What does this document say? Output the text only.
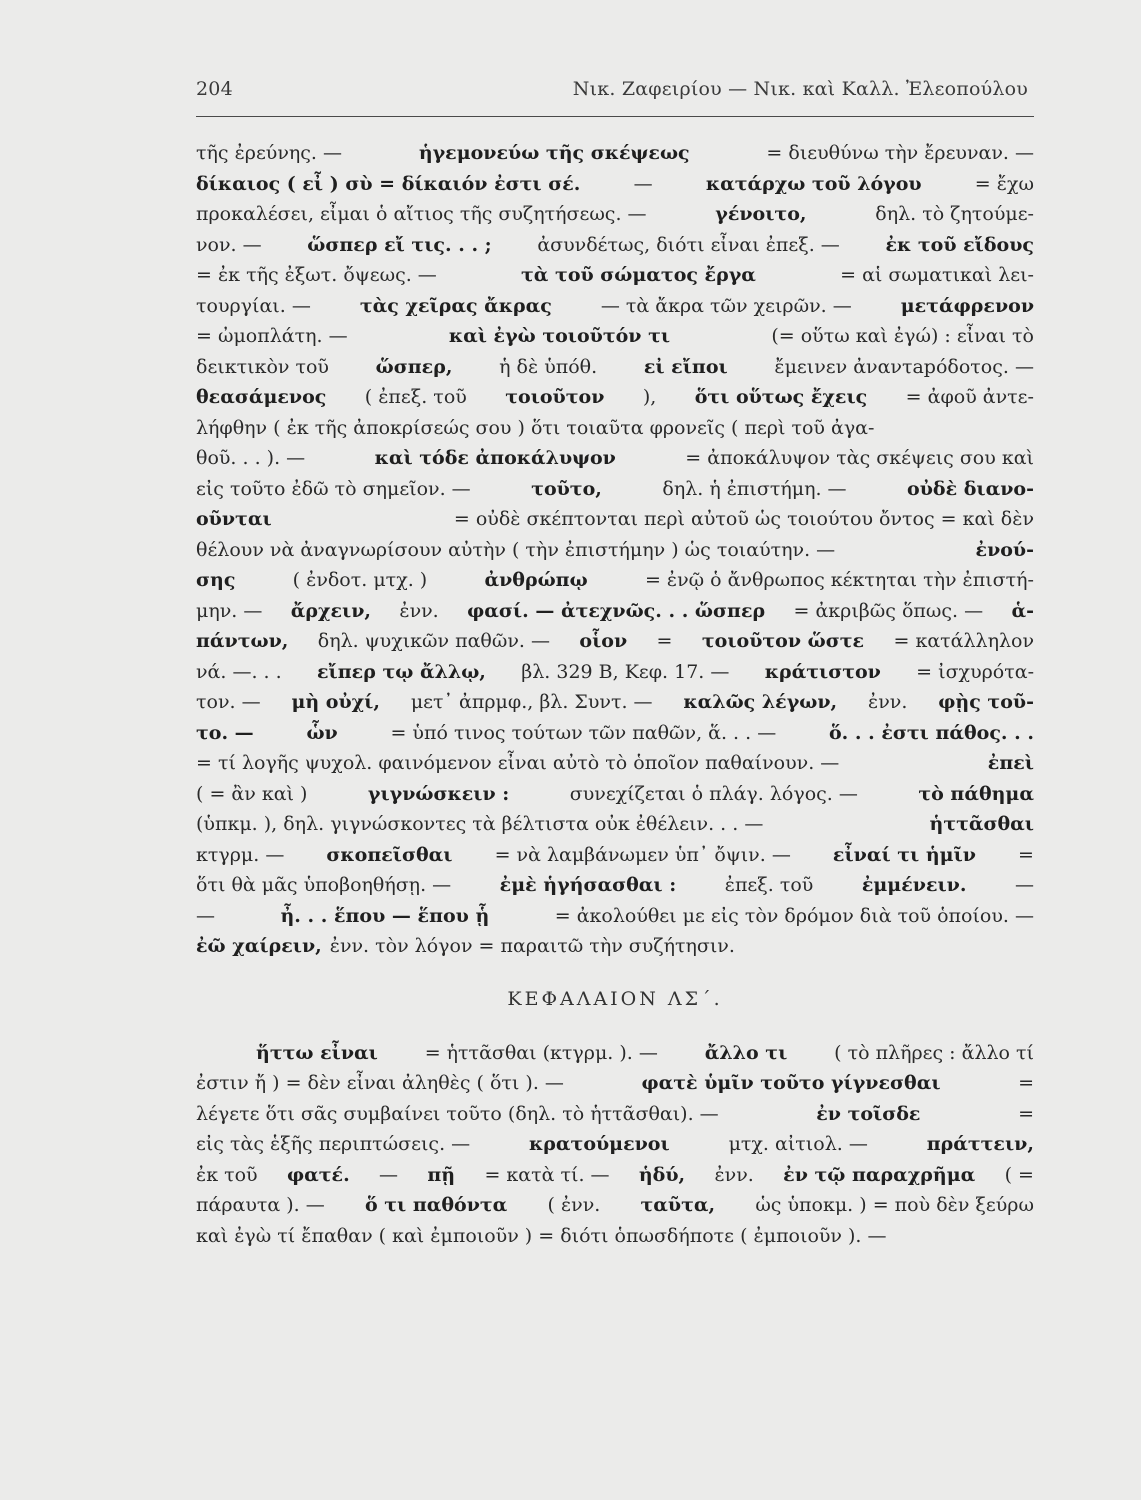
204	Νικ. Ζαφειρίου — Νικ. καὶ Καλλ. Ἐλεοπούλου
τῆς ἐρεύνης. —	ἡγεμονεύω τῆς σκέψεως	= διευθύνω τὴν ἔρευναν. —
δίκαιος ( εἶ ) σὺ = δίκαιόν ἐστι σέ.	—	κατάρχω τοῦ λόγου	= ἔχω
προκαλέσει, εἶμαι ὁ αἴτιος τῆς συζητήσεως. —	γένοιτο,	δηλ. τὸ ζητούμε-
νον. — ὥσπερ εἴ τις. . . ; ἀσυνδέτως, διότι εἶναι ἐπεξ. — ἐκ τοῦ εἴδους
= ἐκ τῆς ἐξωτ. ὄψεως. —	τὰ τοῦ σώματος ἔργα	= αἱ σωματικαὶ λει-
τουργίαι. —	τὰς χεῖρας ἄκρας	— τὰ ἄκρα τῶν χειρῶν. —	μετάφρενον
= ὠμοπλάτη. —	καὶ ἐγὼ τοιοῦτόν τι	(= οὕτω καὶ ἐγώ) : εἶναι τὸ
δεικτικὸν τοῦ ὥσπερ, ἡ δὲ ὑπόθ. εἰ εἴποι ἔμεινεν ἀναντapόδοτος. —
θεασάμενος ( ἐπεξ. τοῦ τοιοῦτον ), ὅτι οὕτως ἔχεις = ἀφοῦ ἀντε-
λήφθην ( ἐκ τῆς ἀποκρίσεώς σου ) ὅτι τοιαῦτα φρονεῖς ( περὶ τοῦ ἀγα-
θοῦ. . . ). —	καὶ τόδε ἀποκάλυψον	= ἀποκάλυψον τὰς σκέψεις σου καὶ
εἰς τοῦτο ἐδῶ τὸ σημεῖον. —	τοῦτο,	δηλ. ἡ ἐπιστήμη. —	οὐδὲ διανο-
οῦνται	= οὐδὲ σκέπτονται περὶ αὐτοῦ ὡς τοιούτου ὄντος = καὶ δὲν
θέλουν νὰ ἀναγνωρίσουν αὐτὴν ( τὴν ἐπιστήμην ) ὡς τοιαύτην. —	ἐνού-
σης	( ἐνδοτ. μτχ. )	ἀνθρώπῳ	= ἐνῷ ὁ ἄνθρωπος κέκτηται τὴν ἐπιστή-
μην. — ἄρχειν, ἐνν. φασί. — ἀτεχνῶς. . . ὥσπερ = ἀκριβῶς ὅπως. — ἁ-
πάντων, δηλ. ψυχικῶν παθῶν. — οἷον = τοιοῦτον ὥστε = κατάλληλον
νά. —. . . εἴπερ τῳ ἄλλῳ, βλ. 329 B, Κεφ. 17. — κράτιστον = ἰσχυρότα-
τον. — μὴ οὐχί, μετ᾽ ἀπρμφ., βλ. Συντ. — καλῶς λέγων, ἐνν. φῂς τοῦ-
το. —	ὧν	= ὑπό τινος τούτων τῶν παθῶν, ἅ. . . —	ὅ. . . ἐστι πάθος. . .
= τί λογῆς ψυχολ. φαινόμενον εἶναι αὐτὸ τὸ ὁποῖον παθαίνουν. —	ἐπεὶ
( = ἂν καὶ )	γιγνώσκειν :	συνεχίζεται ὁ πλάγ. λόγος. —	τὸ πάθημα
(ὑπκμ. ), δηλ. γιγνώσκοντες τὰ βέλτιστα οὐκ ἐθέλειν. . . —	ἡττᾶσθαι
κτγρμ. — σκοπεῖσθαι = νὰ λαμβάνωμεν ὑπ᾽ ὄψιν. — εἶναί τι ἡμῖν =
ὅτι θὰ μᾶς ὑποβοηθήσῃ. —	ἐμὲ ἡγήσασθαι :	ἐπεξ. τοῦ	ἐμμένειν.	—
—	ἦ. . . ἕπου — ἕπου ᾗ	= ἀκολούθει με εἰς τὸν δρόμον διὰ τοῦ ὁποίου. —
ἐῶ χαίρειν, ἐνν. τὸν λόγον = παραιτῶ τὴν συζήτησιν.
ΚΕΦΑΛΑΙΟΝ ΛΣ΄.
ἥττω εἶναι = ἡττᾶσθαι (κτγρμ. ). — ἄλλο τι ( τὸ πλῆρες : ἄλλο τί
ἐστιν ἤ ) = δὲν εἶναι ἀληθὲς ( ὅτι ). —	φατὲ ὑμῖν τοῦτο γίγνεσθαι	=
λέγετε ὅτι σᾶς συμβαίνει τοῦτο (δηλ. τὸ ἡττᾶσθαι). —	ἐν τοῖσδε	=
εἰς τὰς ἑξῆς περιπτώσεις. —	κρατούμενοι	μτχ. αἰτιολ. —	πράττειν,
ἐκ τοῦ φατέ. — πῇ = κατὰ τί. — ἡδύ, ἐνν. ἐν τῷ παραχρῆμα ( =
πάραυτα ). — ὅ τι παθόντα ( ἐνν. ταῦτα, ὡς ὑποκμ. ) = ποὺ δὲν ξεύρω
καὶ ἐγὼ τί ἔπαθαν ( καὶ ἐμποιοῦν ) = διότι ὁπωσδήποτε ( ἐμποιοῦν ). —
